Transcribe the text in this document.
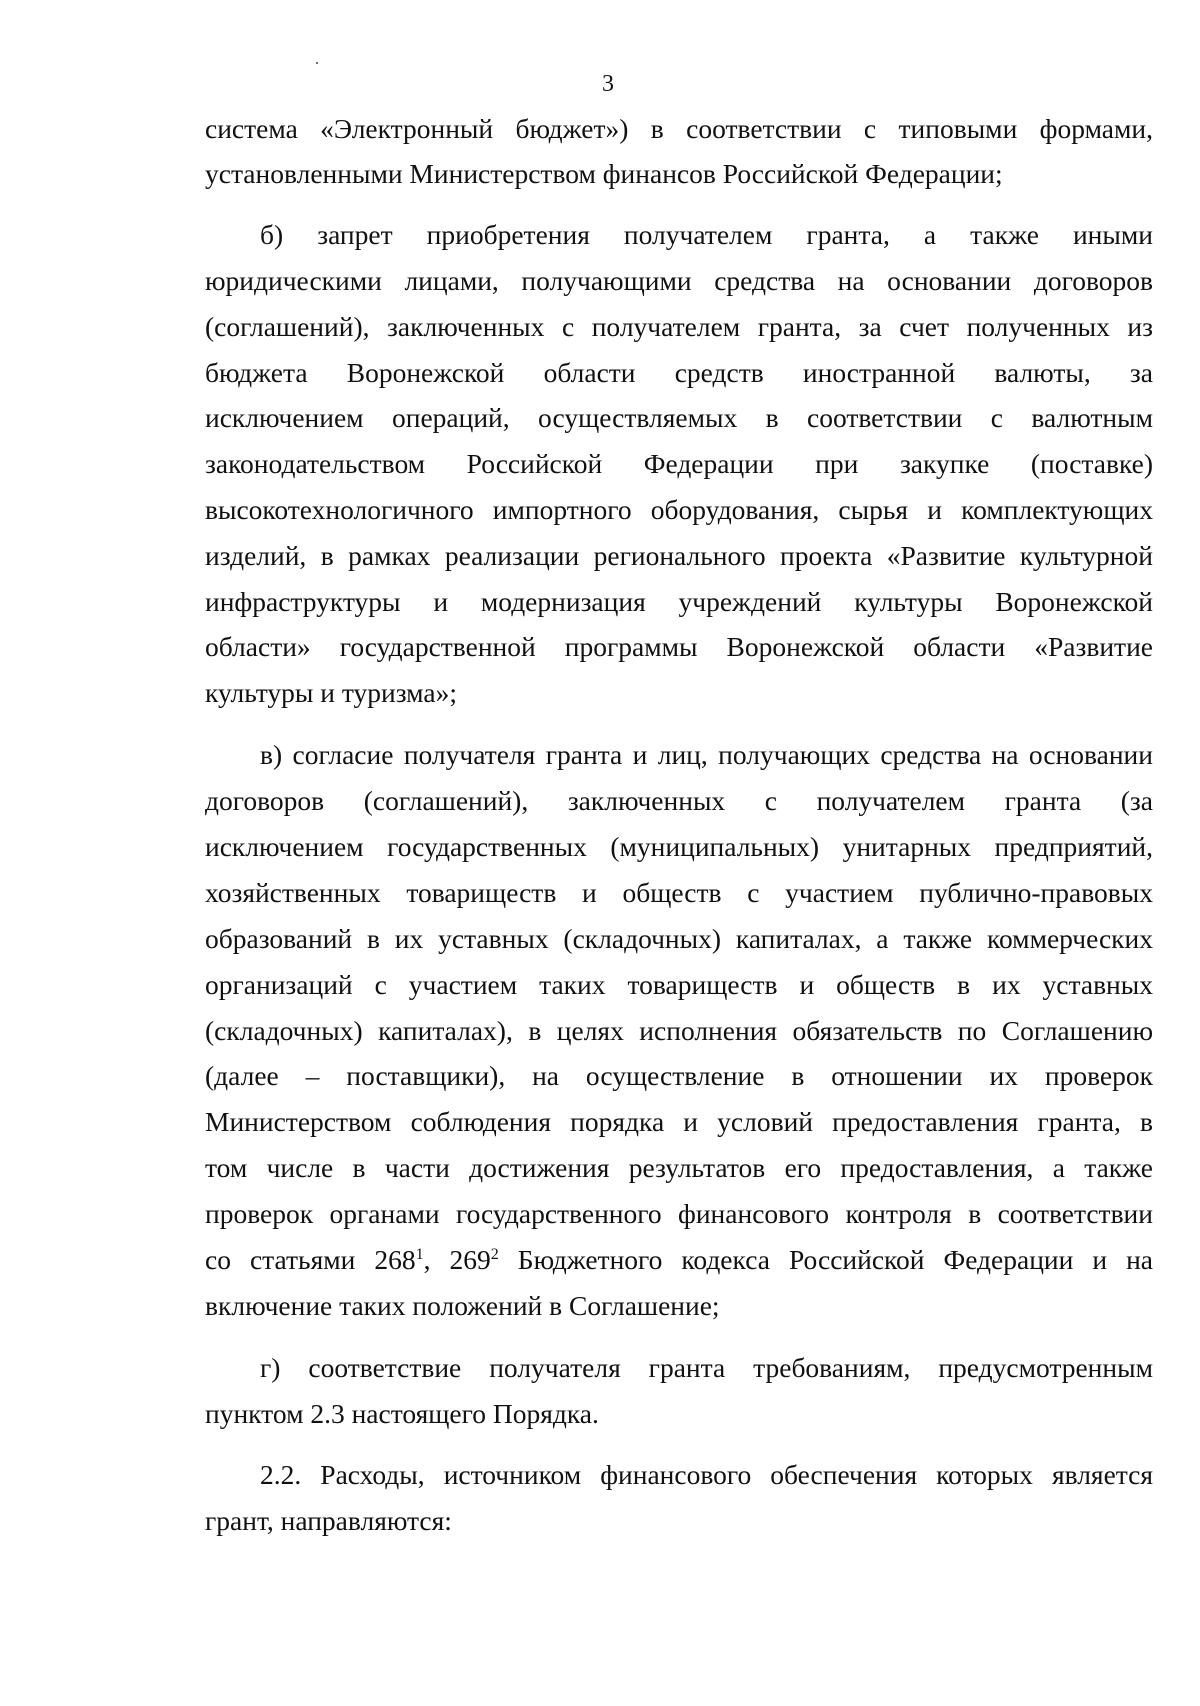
3
система «Электронный бюджет») в соответствии с типовыми формами,
установленными Министерством финансов Российской Федерации;
б) запрет приобретения получателем гранта, а также иными
юридическими лицами, получающими средства на основании договоров
(соглашений), заключенных с получателем гранта, за счет полученных из
бюджета Воронежской области средств иностранной валюты, за
исключением операций, осуществляемых в соответствии с валютным
законодательством Российской Федерации при закупке (поставке)
высокотехнологичного импортного оборудования, сырья и комплектующих
изделий, в рамках реализации регионального проекта «Развитие культурной
инфраструктуры и модернизация учреждений культуры Воронежской
области» государственной программы Воронежской области «Развитие
культуры и туризма»;
в) согласие получателя гранта и лиц, получающих средства на основании
договоров (соглашений), заключенных с получателем гранта (за
исключением государственных (муниципальных) унитарных предприятий,
хозяйственных товариществ и обществ с участием публично-правовых
образований в их уставных (складочных) капиталах, а также коммерческих
организаций с участием таких товариществ и обществ в их уставных
(складочных) капиталах), в целях исполнения обязательств по Соглашению
(далее – поставщики), на осуществление в отношении их проверок
Министерством соблюдения порядка и условий предоставления гранта, в
том числе в части достижения результатов его предоставления, а также
проверок органами государственного финансового контроля в соответствии
со статьями $268^1$, $269^2$ Бюджетного кодекса Российской Федерации и на
включение таких положений в Соглашение;
г) соответствие получателя гранта требованиям, предусмотренным
пунктом 2.3 настоящего Порядка.
2.2. Расходы, источником финансового обеспечения которых является
грант, направляются:
